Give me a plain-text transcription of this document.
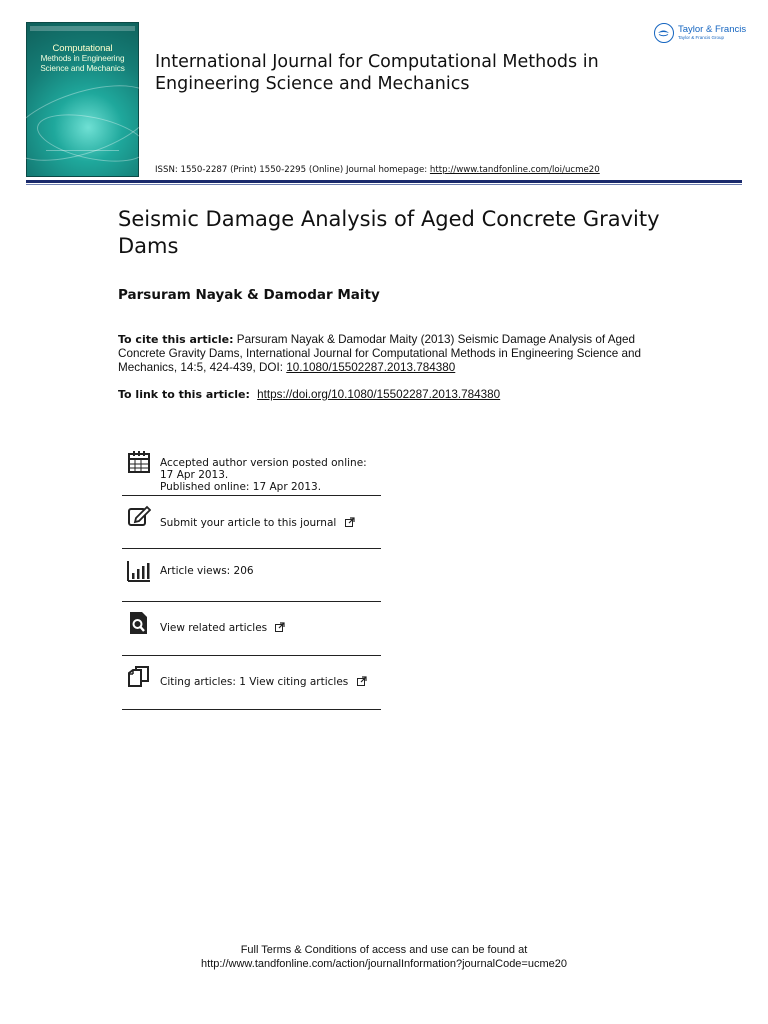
Computational
Methods in Engineering
Science and Mechanics	International Journal for Computational Methods in Engineering Science and Mechanics
ISSN: 1550-2287 (Print) 1550-2295 (Online) Journal homepage: http://www.tandfonline.com/loi/ucme20
Taylor & Francis
Taylor & Francis Group
Seismic Damage Analysis of Aged Concrete Gravity Dams
Parsuram Nayak & Damodar Maity
To cite this article: Parsuram Nayak & Damodar Maity (2013) Seismic Damage Analysis of Aged Concrete Gravity Dams, International Journal for Computational Methods in Engineering Science and Mechanics, 14:5, 424-439, DOI: 10.1080/15502287.2013.784380
To link to this article: https://doi.org/10.1080/15502287.2013.784380
Accepted author version posted online: 17 Apr 2013.
Published online: 17 Apr 2013.
Submit your article to this journal
Article views: 206
View related articles
Citing articles: 1 View citing articles
Full Terms & Conditions of access and use can be found at
http://www.tandfonline.com/action/journalInformation?journalCode=ucme20
